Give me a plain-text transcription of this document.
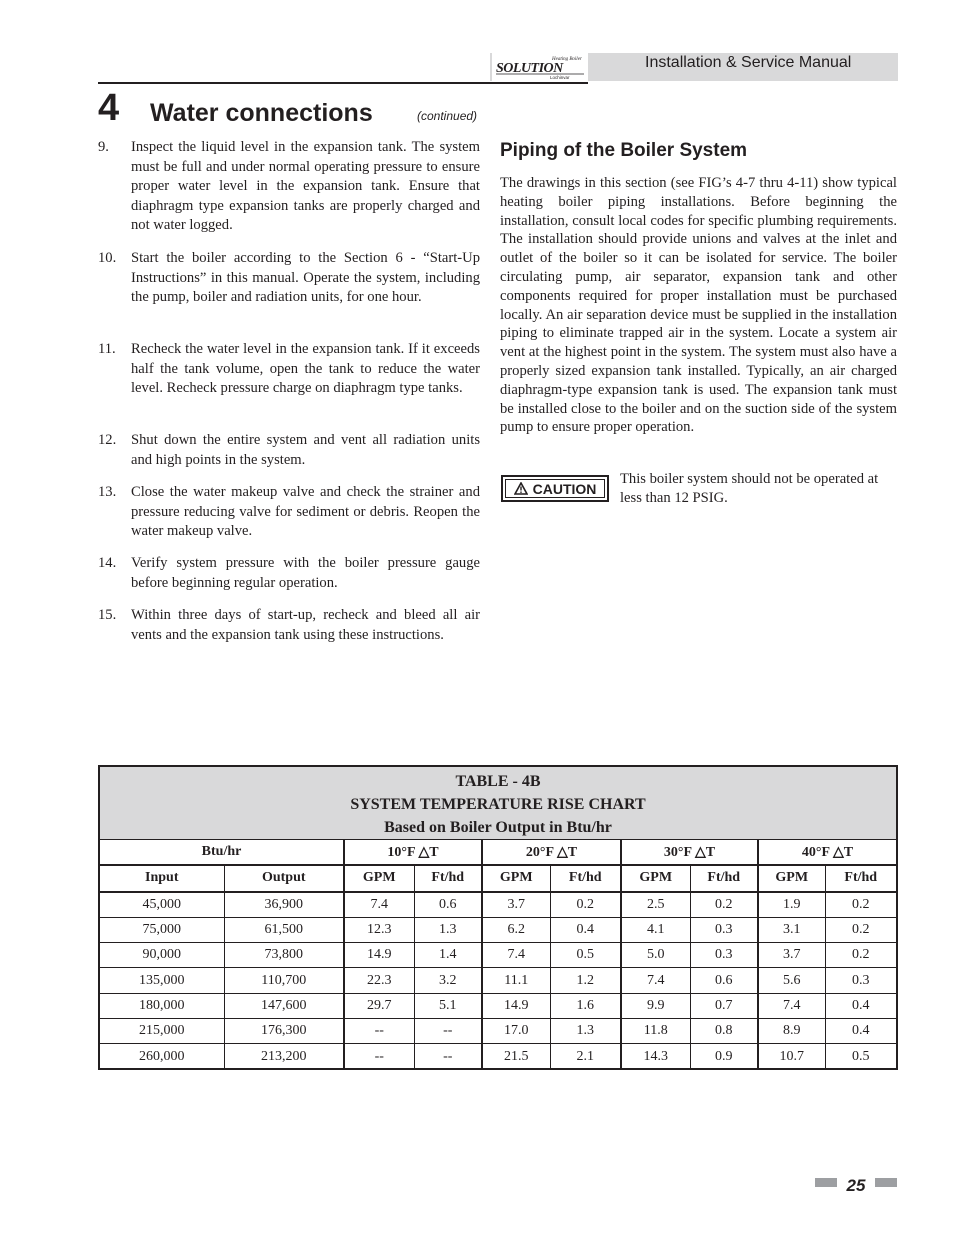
Heating Boiler
SOLUTION
Lochinvar
Installation & Service Manual
4 Water connections	(continued)
9. Inspect the liquid level in the expansion tank. The system must be full and under normal operating pressure to ensure proper water level in the expansion tank. Ensure that diaphragm type expansion tanks are properly charged and not water logged.
10. Start the boiler according to the Section 6 - “Start-Up Instructions” in this manual. Operate the system, including the pump, boiler and radiation units, for one hour.
11. Recheck the water level in the expansion tank. If it exceeds half the tank volume, open the tank to reduce the water level. Recheck pressure charge on diaphragm type tanks.
12. Shut down the entire system and vent all radiation units and high points in the system.
13. Close the water makeup valve and check the strainer and pressure reducing valve for sediment or debris. Reopen the water makeup valve.
14. Verify system pressure with the boiler pressure gauge before beginning regular operation.
15. Within three days of start-up, recheck and bleed all air vents and the expansion tank using these instructions.
Piping of the Boiler System
The drawings in this section (see FIG’s 4-7 thru 4-11) show typical heating boiler piping installations. Before beginning the installation, consult local codes for specific plumbing requirements. The installation should provide unions and valves at the inlet and outlet of the boiler so it can be isolated for service. The boiler circulating pump, air separator, expansion tank and other components required for proper installation must be purchased locally. An air separation device must be supplied in the installation piping to eliminate trapped air in the system. Locate a system air vent at the highest point in the system. The system must also have a properly sized expansion tank installed. Typically, an air charged diaphragm-type expansion tank is used. The expansion tank must be installed close to the boiler and on the suction side of the system pump to ensure proper operation.
CAUTION
This boiler system should not be operated at less than 12 PSIG.
TABLE - 4B
SYSTEM TEMPERATURE RISE CHART
Based on Boiler Output in Btu/hr
Btu/hr		10°F △T		20°F △T		30°F △T		40°F △T	
Input	Output	GPM	Ft/hd	GPM	Ft/hd	GPM	Ft/hd	GPM	Ft/hd
45,000	36,900	7.4	0.6	3.7	0.2	2.5	0.2	1.9	0.2
75,000	61,500	12.3	1.3	6.2	0.4	4.1	0.3	3.1	0.2
90,000	73,800	14.9	1.4	7.4	0.5	5.0	0.3	3.7	0.2
135,000	110,700	22.3	3.2	11.1	1.2	7.4	0.6	5.6	0.3
180,000	147,600	29.7	5.1	14.9	1.6	9.9	0.7	7.4	0.4
215,000	176,300	--	--	17.0	1.3	11.8	0.8	8.9	0.4
260,000	213,200	--	--	21.5	2.1	14.3	0.9	10.7	0.5
25
